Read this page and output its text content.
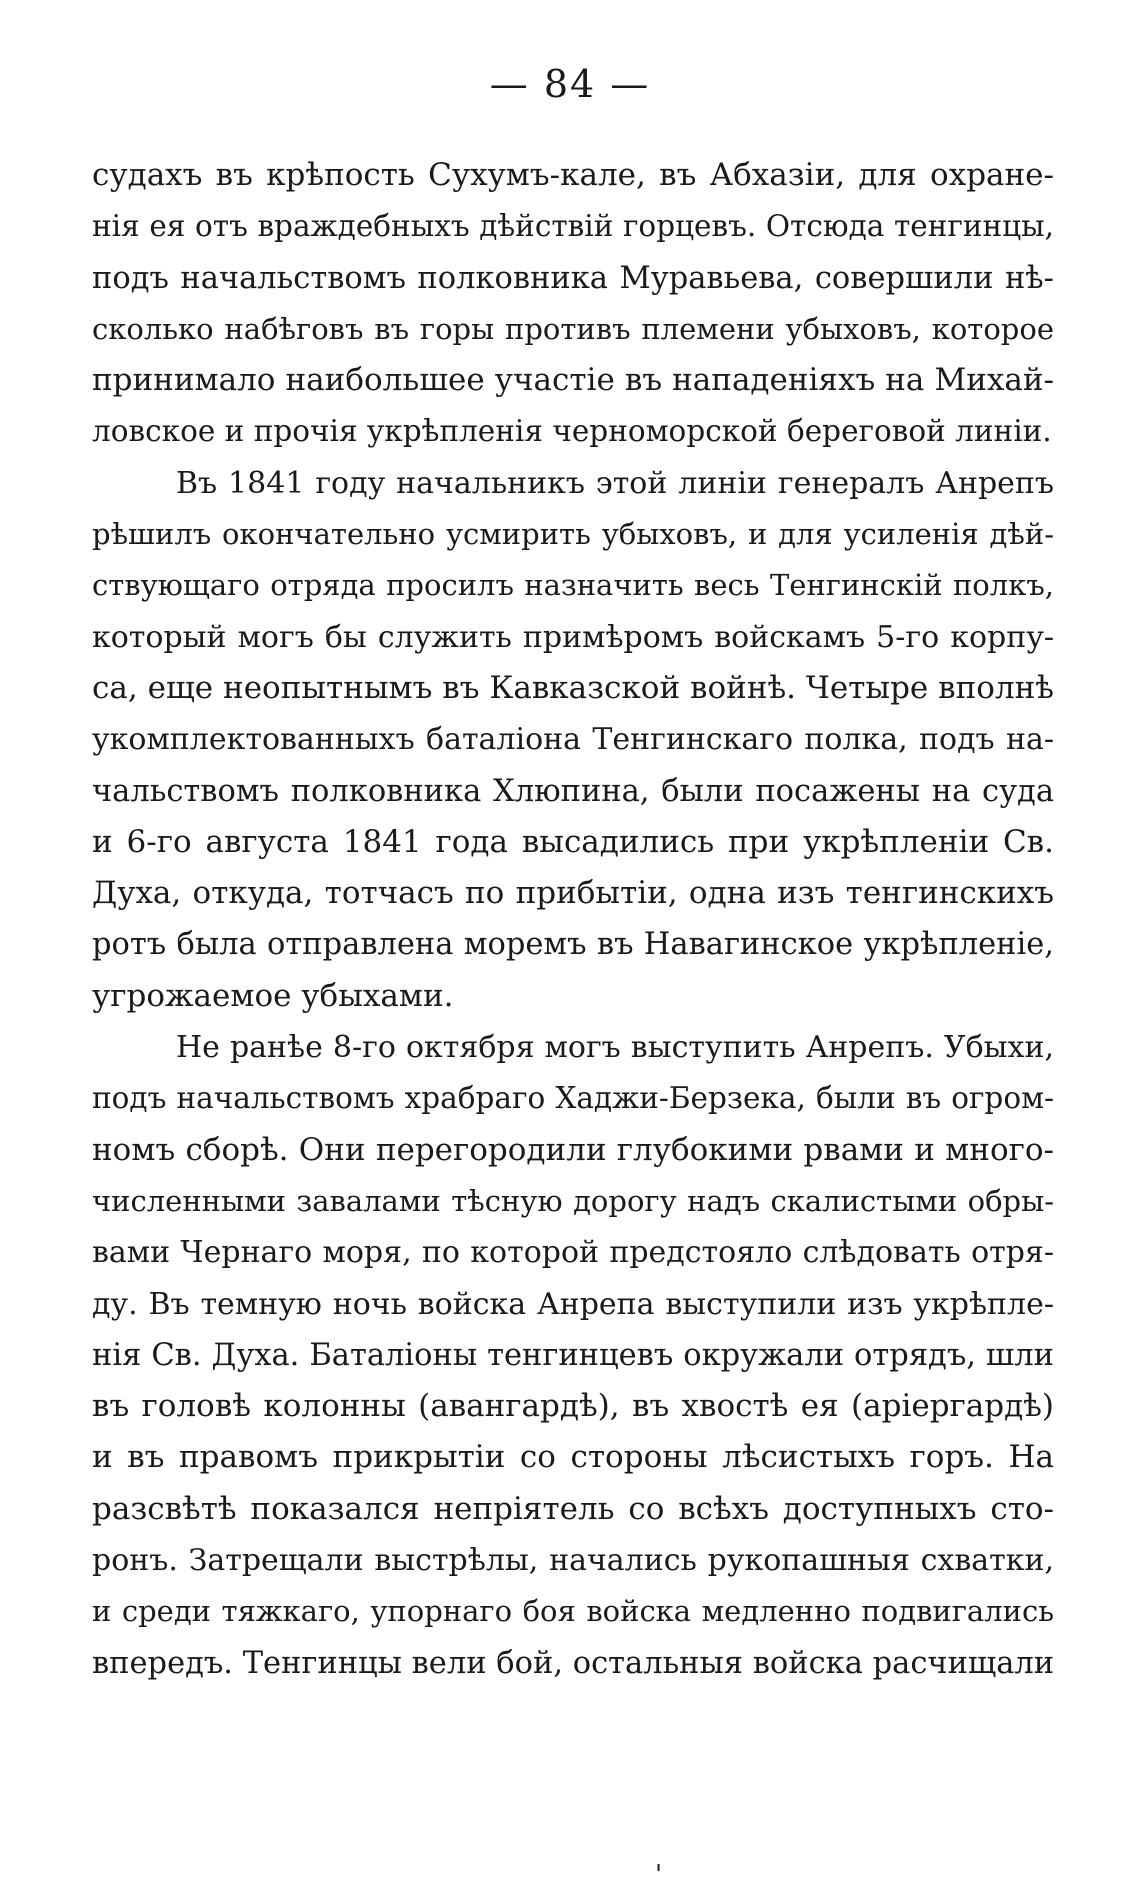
— 84 —
судахъ въ крѣпость Сухумъ-кале, въ Абхазіи, для охране-
нія ея отъ враждебныхъ дѣйствій горцевъ. Отсюда тенгинцы,
подъ начальствомъ полковника Муравьева, совершили нѣ-
сколько набѣговъ въ горы противъ племени убыховъ, которое
принимало наибольшее участіе въ нападеніяхъ на Михай-
ловское и прочія укрѣпленія черноморской береговой линіи.
Въ 1841 году начальникъ этой линіи генералъ Анрепъ
рѣшилъ окончательно усмирить убыховъ, и для усиленія дѣй-
ствующаго отряда просилъ назначить весь Тенгинскій полкъ,
который могъ бы служить примѣромъ войскамъ 5-го корпу-
са, еще неопытнымъ въ Кавказской войнѣ. Четыре вполнѣ
укомплектованныхъ баталіона Тенгинскаго полка, подъ на-
чальствомъ полковника Хлюпина, были посажены на суда
и 6-го августа 1841 года высадились при укрѣпленіи Св.
Духа, откуда, тотчасъ по прибытіи, одна изъ тенгинскихъ
ротъ была отправлена моремъ въ Навагинское укрѣпленіе,
угрожаемое убыхами.
Не ранѣе 8-го октября могъ выступить Анрепъ. Убыхи,
подъ начальствомъ храбраго Хаджи-Берзека, были въ огром-
номъ сборѣ. Они перегородили глубокими рвами и много-
численными завалами тѣсную дорогу надъ скалистыми обры-
вами Чернаго моря, по которой предстояло слѣдовать отря-
ду. Въ темную ночь войска Анрепа выступили изъ укрѣпле-
нія Св. Духа. Баталіоны тенгинцевъ окружали отрядъ, шли
въ головѣ колонны (авангардѣ), въ хвостѣ ея (аріергардѣ)
и въ правомъ прикрытіи со стороны лѣсистыхъ горъ. На
разсвѣтѣ показался непріятель со всѣхъ доступныхъ сто-
ронъ. Затрещали выстрѣлы, начались рукопашныя схватки,
и среди тяжкаго, упорнаго боя войска медленно подвигались
впередъ. Тенгинцы вели бой, остальныя войска расчищали
'
